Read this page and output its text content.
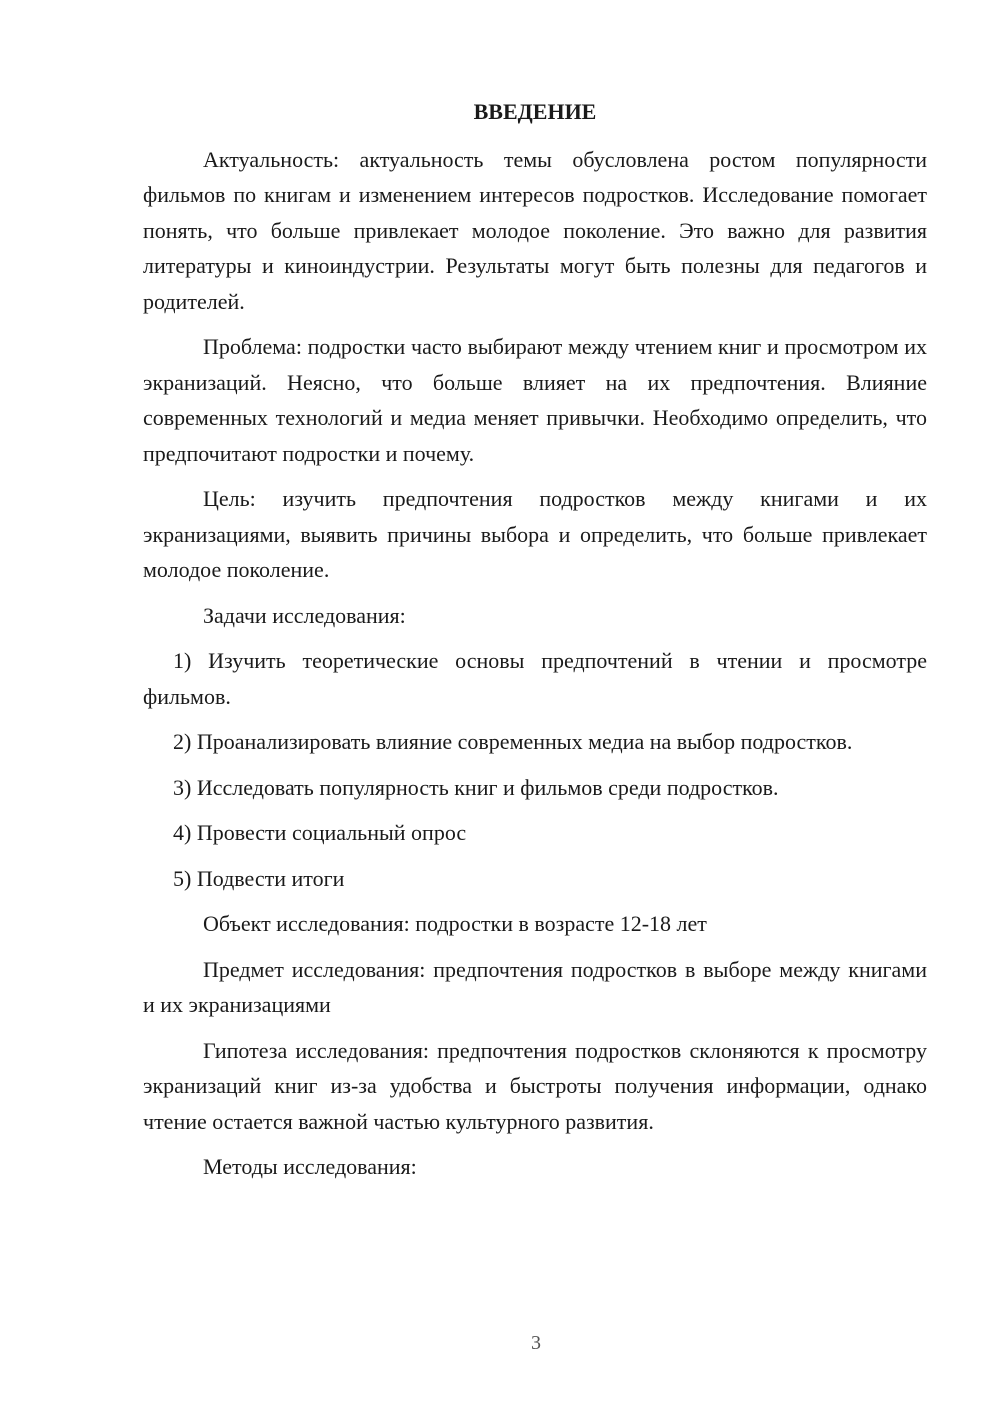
ВВЕДЕНИЕ

Актуальность: актуальность темы обусловлена ростом популярности фильмов по книгам и изменением интересов подростков. Исследование помогает понять, что больше привлекает молодое поколение. Это важно для развития литературы и киноиндустрии. Результаты могут быть полезны для педагогов и родителей.

Проблема: подростки часто выбирают между чтением книг и просмотром их экранизаций. Неясно, что больше влияет на их предпочтения. Влияние современных технологий и медиа меняет привычки. Необходимо определить, что предпочитают подростки и почему.

Цель: изучить предпочтения подростков между книгами и их экранизациями, выявить причины выбора и определить, что больше привлекает молодое поколение.

Задачи исследования:

1) Изучить теоретические основы предпочтений в чтении и просмотре фильмов.

2) Проанализировать влияние современных медиа на выбор подростков.

3) Исследовать популярность книг и фильмов среди подростков.

4) Провести социальный опрос

5) Подвести итоги

Объект исследования: подростки в возрасте 12-18 лет

Предмет исследования: предпочтения подростков в выборе между книгами и их экранизациями

Гипотеза исследования: предпочтения подростков склоняются к просмотру экранизаций книг из-за удобства и быстроты получения информации, однако чтение остается важной частью культурного развития.

Методы исследования:

3
